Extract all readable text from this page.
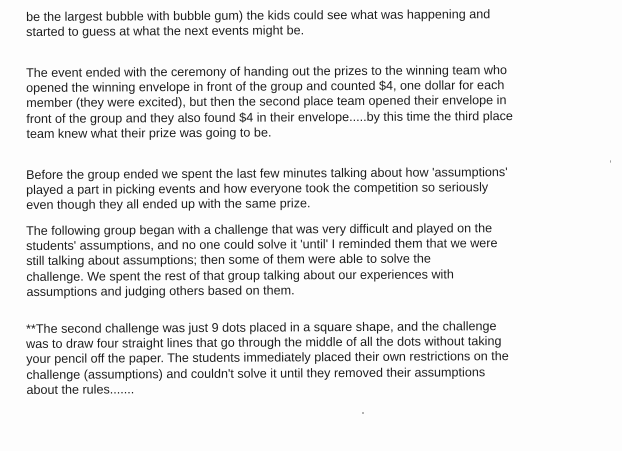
be the largest bubble with bubble gum) the kids could see what was happening and
started to guess at what the next events might be.
The event ended with the ceremony of handing out the prizes to the winning team who
opened the winning envelope in front of the group and counted $4, one dollar for each
member (they were excited), but then the second place team opened their envelope in
front of the group and they also found $4 in their envelope.....by this time the third place
team knew what their prize was going to be.
Before the group ended we spent the last few minutes talking about how 'assumptions'
played a part in picking events and how everyone took the competition so seriously
even though they all ended up with the same prize.
The following group began with a challenge that was very difficult and played on the
students' assumptions, and no one could solve it 'until' I reminded them that we were
still talking about assumptions; then some of them were able to solve the
challenge. We spent the rest of that group talking about our experiences with
assumptions and judging others based on them.
**The second challenge was just 9 dots placed in a square shape, and the challenge
was to draw four straight lines that go through the middle of all the dots without taking
your pencil off the paper. The students immediately placed their own restrictions on the
challenge (assumptions) and couldn't solve it until they removed their assumptions
about the rules.......
